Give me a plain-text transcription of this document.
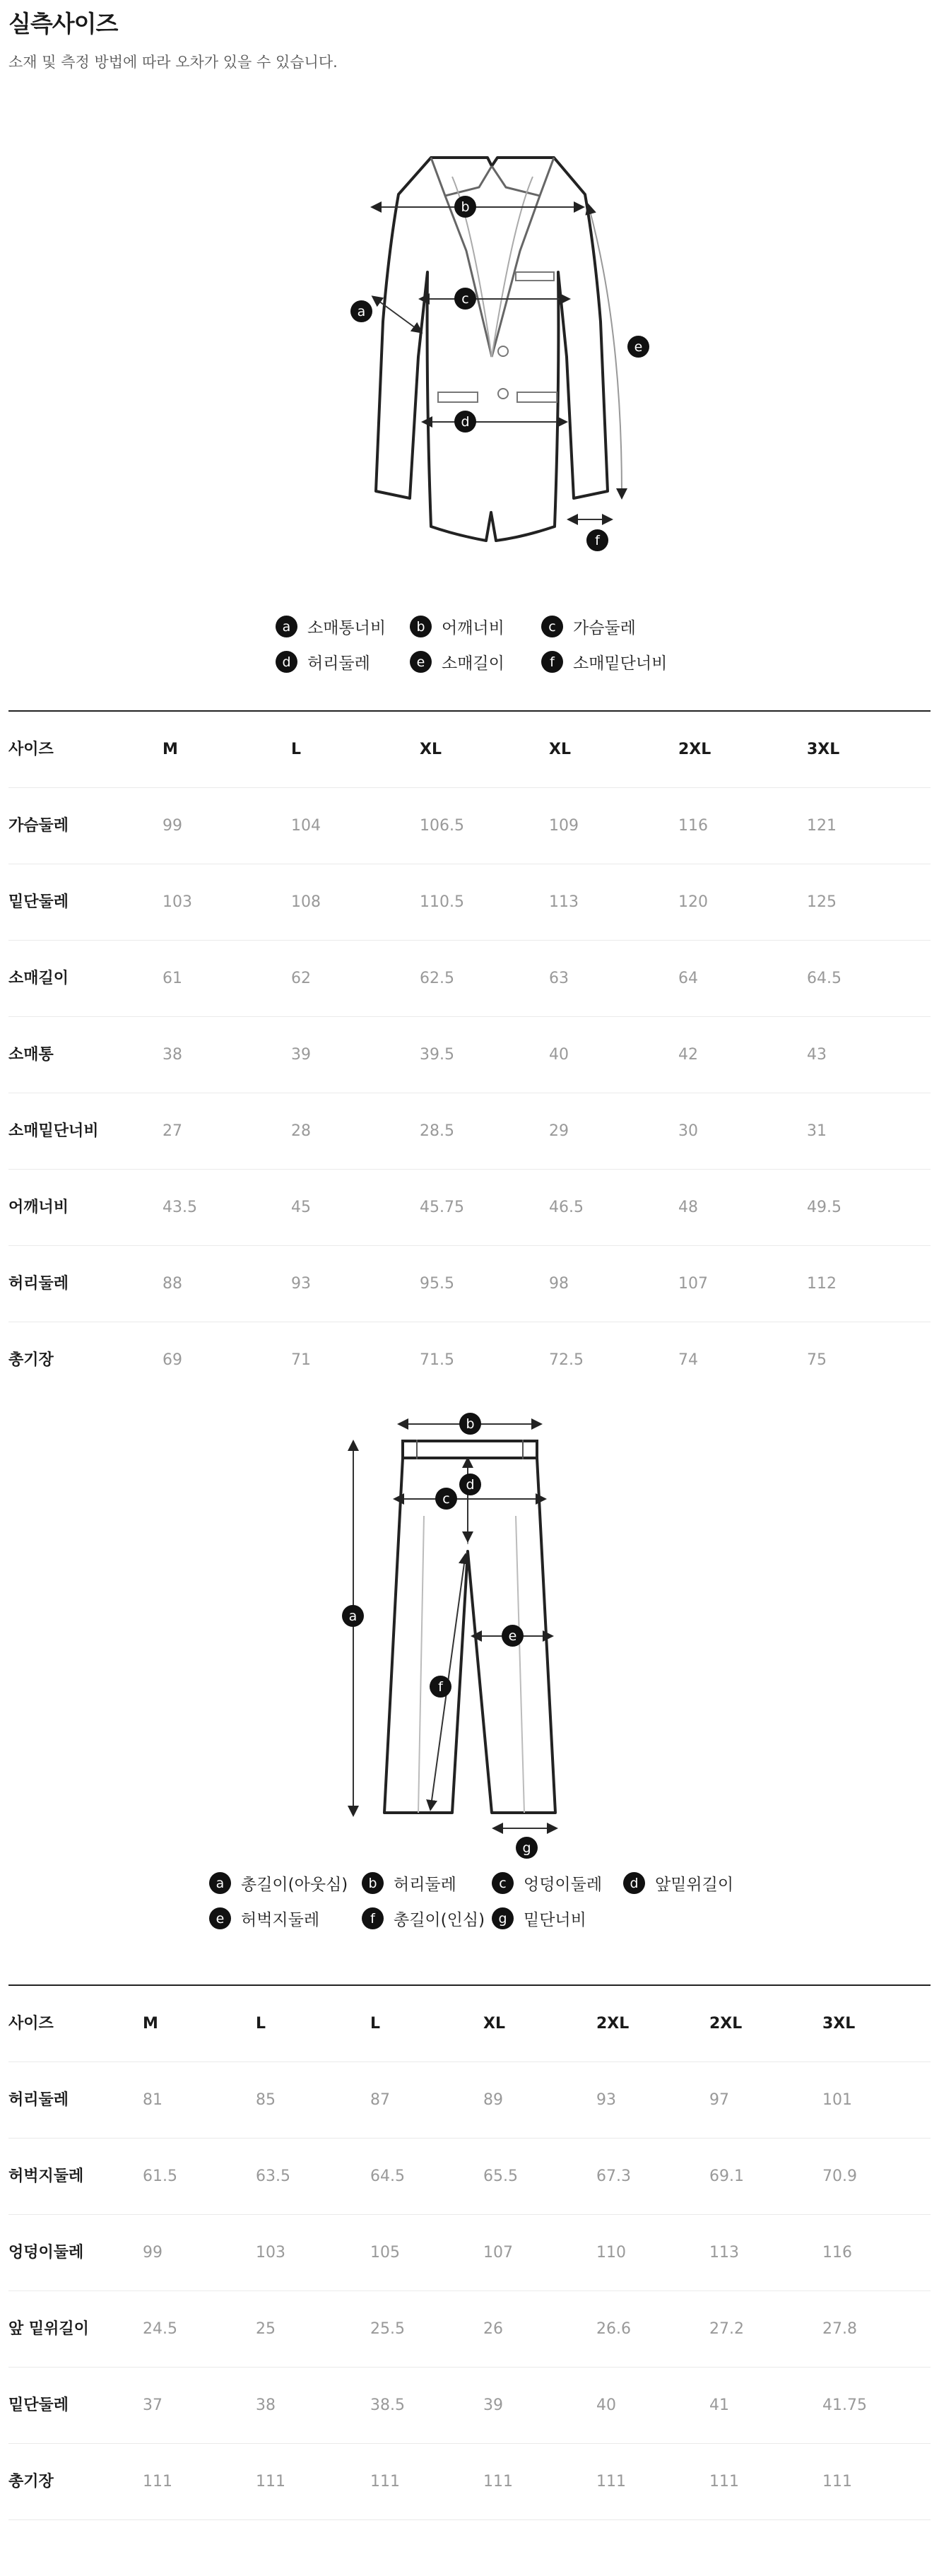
실측사이즈

소재 및 측정 방법에 따라 오차가 있을 수 있습니다.

b
c
a
d
e
f
a	소매통너비	b	어깨너비	c	가슴둘레
d	허리둘레	e	소매길이	f	소매밑단너비
사이즈	M	L	XL	XL	2XL	3XL
가슴둘레	99	104	106.5	109	116	121
밑단둘레	103	108	110.5	113	120	125
소매길이	61	62	62.5	63	64	64.5
소매통	38	39	39.5	40	42	43
소매밑단너비	27	28	28.5	29	30	31
어깨너비	43.5	45	45.75	46.5	48	49.5
허리둘레	88	93	95.5	98	107	112
총기장	69	71	71.5	72.5	74	75
b
d
c
a
e
f
g
a	총길이(아웃심)	b	허리둘레	c	엉덩이둘레	d	앞밑위길이
e	허벅지둘레	f	총길이(인심)	g	밑단너비
사이즈	M	L	L	XL	2XL	2XL	3XL
허리둘레	81	85	87	89	93	97	101
허벅지둘레	61.5	63.5	64.5	65.5	67.3	69.1	70.9
엉덩이둘레	99	103	105	107	110	113	116
앞 밑위길이	24.5	25	25.5	26	26.6	27.2	27.8
밑단둘레	37	38	38.5	39	40	41	41.75
총기장	111	111	111	111	111	111	111
